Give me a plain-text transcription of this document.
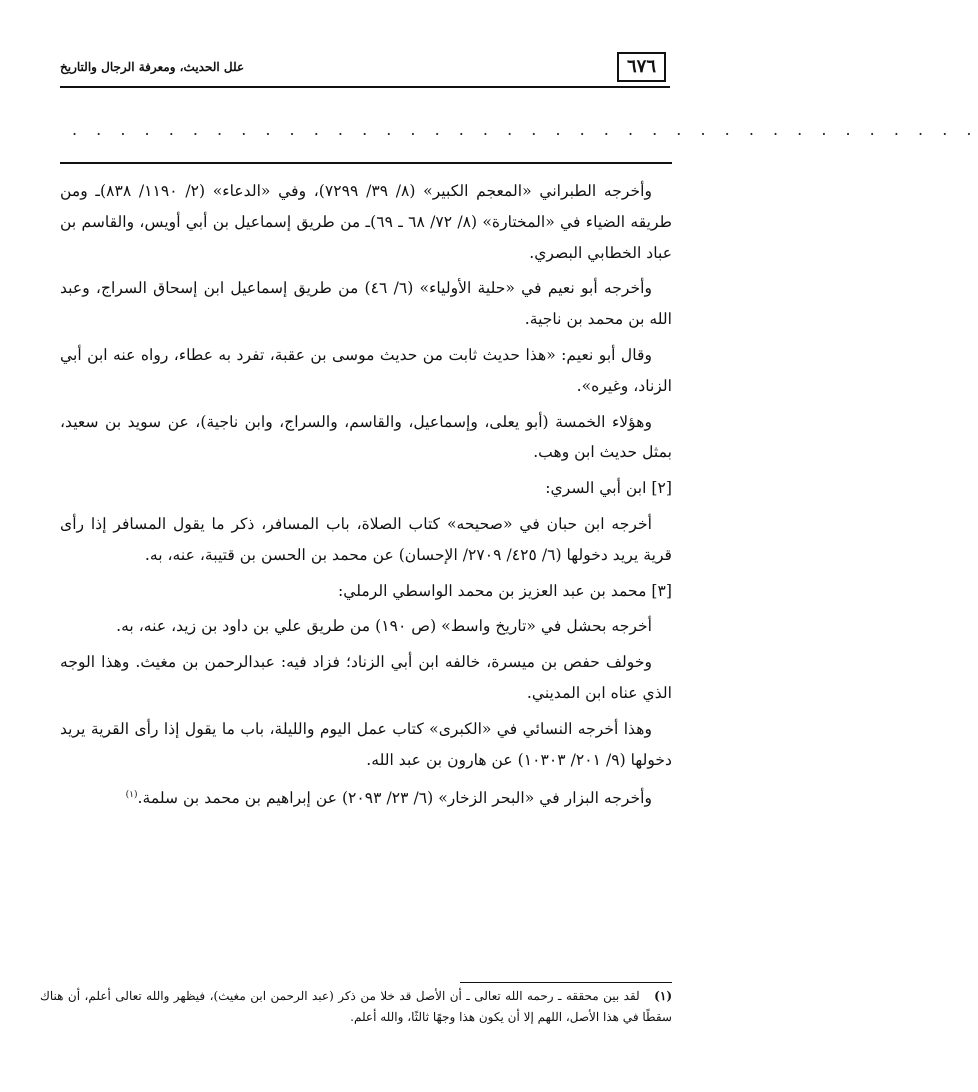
٦٧٦
علل الحديث، ومعرفة الرجال والتاريخ
. . . . . . . . . . . . . . . . . . . . . . . . . . . . . . . . . . . . . .

وأخرجه الطبراني «المعجم الكبير» (٨/ ٣٩/ ٧٢٩٩)، وفي «الدعاء» (٢/ ١١٩٠/ ٨٣٨)ـ ومن طريقه الضياء في «المختارة» (٨/ ٧٢/ ٦٨ ـ ٦٩)ـ من طريق إسماعيل بن أبي أويس، والقاسم بن عباد الخطابي البصري.

وأخرجه أبو نعيم في «حلية الأولياء» (٦/ ٤٦) من طريق إسماعيل ابن إسحاق السراج، وعبد الله بن محمد بن ناجية.

وقال أبو نعيم: «هذا حديث ثابت من حديث موسى بن عقبة، تفرد به عطاء، رواه عنه ابن أبي الزناد، وغيره».

وهؤلاء الخمسة (أبو يعلى، وإسماعيل، والقاسم، والسراج، وابن ناجية)، عن سويد بن سعيد، بمثل حديث ابن وهب.

[٢] ابن أبي السري:

أخرجه ابن حبان في «صحيحه» كتاب الصلاة، باب المسافر، ذكر ما يقول المسافر إذا رأى قرية يريد دخولها (٦/ ٤٢٥/ ٢٧٠٩/ الإحسان) عن محمد بن الحسن بن قتيبة، عنه، به.

[٣] محمد بن عبد العزيز بن محمد الواسطي الرملي:

أخرجه بحشل في «تاريخ واسط» (ص ١٩٠) من طريق علي بن داود بن زيد، عنه، به.

وخولف حفص بن ميسرة، خالفه ابن أبي الزناد؛ فزاد فيه: عبدالرحمن بن مغيث. وهذا الوجه الذي عناه ابن المديني.

وهذا أخرجه النسائي في «الكبرى» كتاب عمل اليوم والليلة، باب ما يقول إذا رأى القرية يريد دخولها (٩/ ٢٠١/ ١٠٣٠٣) عن هارون بن عبد الله.

وأخرجه البزار في «البحر الزخار» (٦/ ٢٣/ ٢٠٩٣) عن إبراهيم بن محمد بن سلمة.$^{(١)}$

(١) لقد بين محققه ـ رحمه الله تعالى ـ أن الأصل قد خلا من ذكر (عبد الرحمن ابن مغيث)، فيظهر والله تعالى أعلم، أن هناك سقطًا في هذا الأصل، اللهم إلا أن يكون هذا وجهًا ثالثًا، والله أعلم.
